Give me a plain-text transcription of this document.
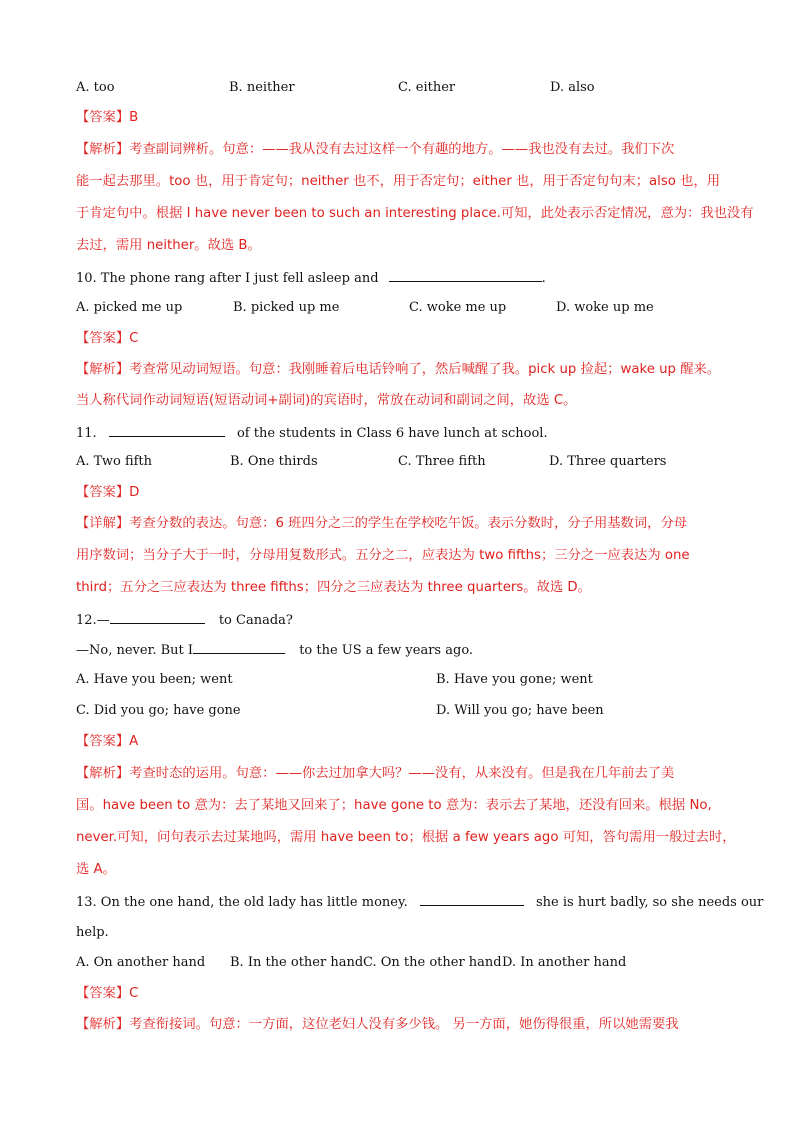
A. too	B. neither	C. either	D. also
【答案】B
【解析】考查副词辨析。句意：——我从没有去过这样一个有趣的地方。——我也没有去过。我们下次
能一起去那里。too 也，用于肯定句；neither 也不，用于否定句；either 也，用于否定句句末；also 也，用
于肯定句中。根据 I have never been to such an interesting place.可知，此处表示否定情况，意为：我也没有
去过，需用 neither。故选 B。
10. The phone rang after I just fell asleep and	.
A. picked me up	B. picked up me	C. woke me up	D. woke up me
【答案】C
【解析】考查常见动词短语。句意：我刚睡着后电话铃响了，然后喊醒了我。pick up 捡起；wake up 醒来。
当人称代词作动词短语(短语动词+副词)的宾语时，常放在动词和副词之间，故选 C。
11.	of the students in Class 6 have lunch at school.
A. Two fifth	B. One thirds	C. Three fifth	D. Three quarters
【答案】D
【详解】考查分数的表达。句意：6 班四分之三的学生在学校吃午饭。表示分数时，分子用基数词，分母
用序数词；当分子大于一时，分母用复数形式。五分之二，应表达为 two fifths；三分之一应表达为 one
third；五分之三应表达为 three fifths；四分之三应表达为 three quarters。故选 D。
12.—	to Canada?
—No, never. But I	to the US a few years ago.
A. Have you been; went	B. Have you gone; went
C. Did you go; have gone	D. Will you go; have been
【答案】A
【解析】考查时态的运用。句意：——你去过加拿大吗？——没有，从来没有。但是我在几年前去了美
国。have been to 意为：去了某地又回来了；have gone to 意为：表示去了某地，还没有回来。根据 No,
never.可知，问句表示去过某地吗，需用 have been to；根据 a few years ago 可知，答句需用一般过去时，
选 A。
13. On the one hand, the old lady has little money.	she is hurt badly, so she needs our
help.
A. On another hand B. In the other hand C. On the other hand D. In another hand
【答案】C
【解析】考查衔接词。句意：一方面，这位老妇人没有多少钱。 另一方面，她伤得很重，所以她需要我
